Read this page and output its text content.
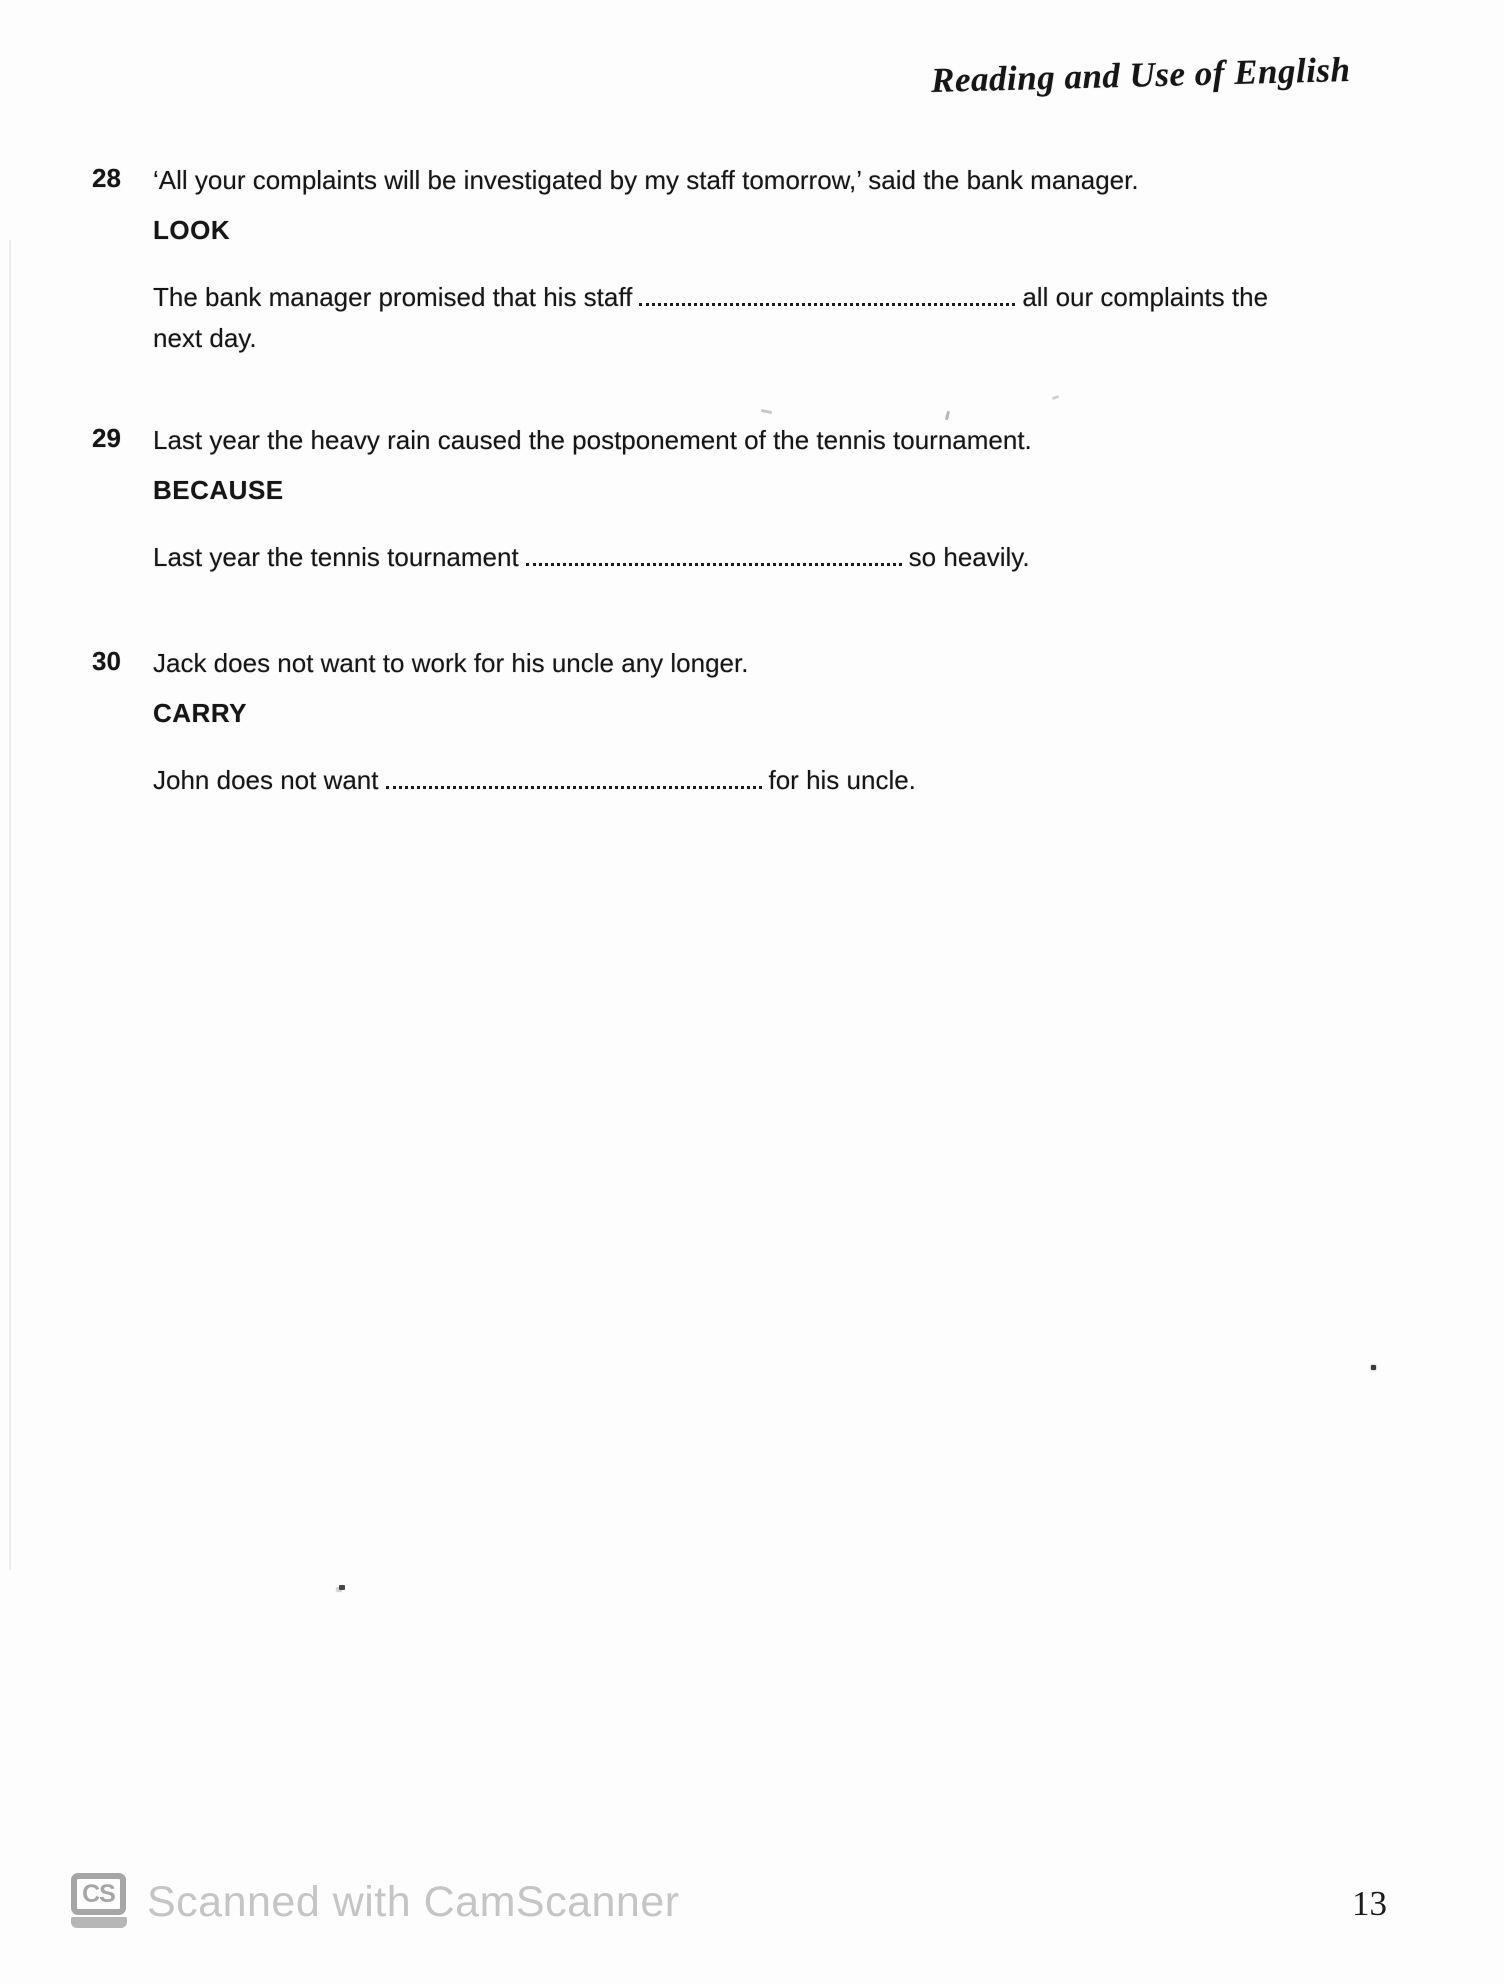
Reading and Use of English
28 ‘All your complaints will be investigated by my staff tomorrow,’ said the bank manager.
LOOK
The bank manager promised that his staff	all our complaints the
next day.
29 Last year the heavy rain caused the postponement of the tennis tournament.
BECAUSE
Last year the tennis tournament	so heavily.
30 Jack does not want to work for his uncle any longer.
CARRY
John does not want	for his uncle.
CS Scanned with CamScanner	13
